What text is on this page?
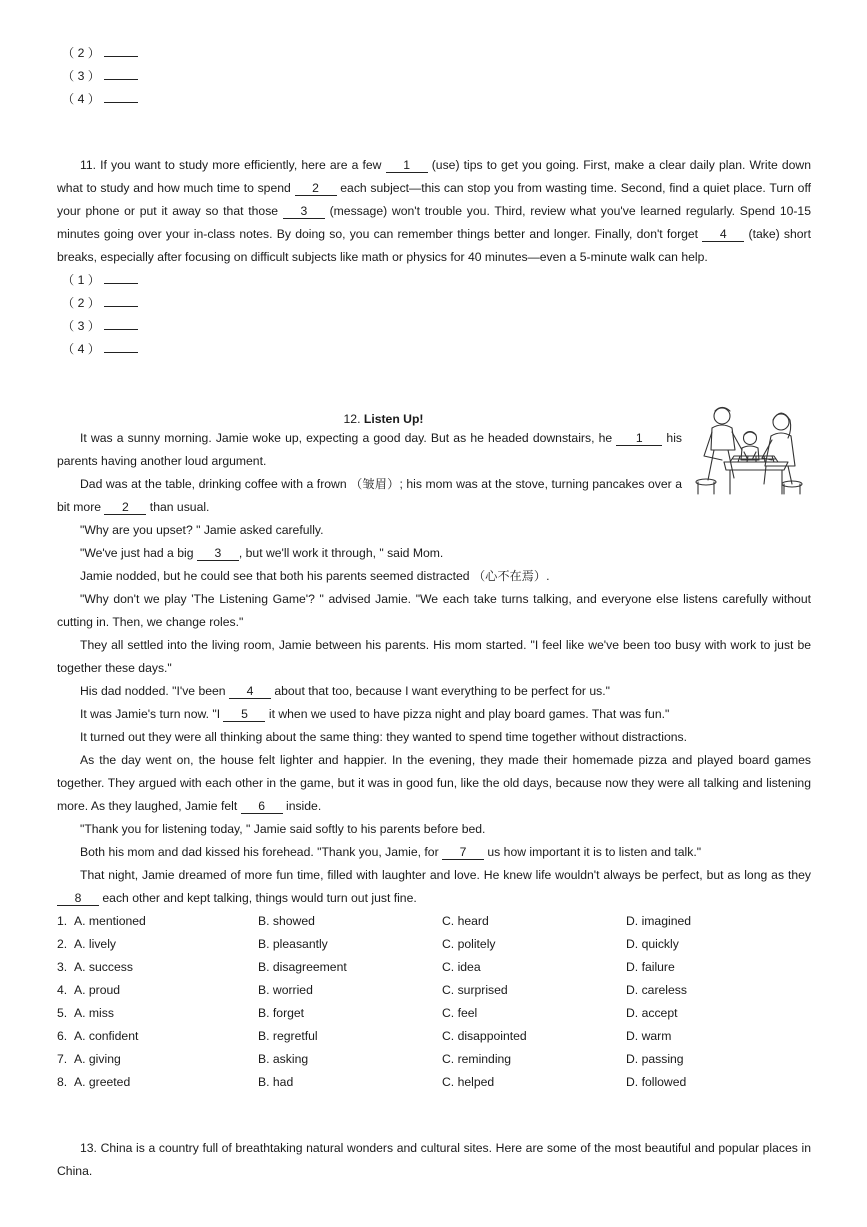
（ 2 ）
（ 3 ）
（ 4 ）
11. If you want to study more efficiently, here are a few 1 (use) tips to get you going. First, make a clear daily plan. Write down what to study and how much time to spend 2 each subject—this can stop you from wasting time. Second, find a quiet place. Turn off your phone or put it away so that those 3 (message) won't trouble you. Third, review what you've learned regularly. Spend 10-15 minutes going over your in-class notes. By doing so, you can remember things better and longer. Finally, don't forget 4 (take) short breaks, especially after focusing on difficult subjects like math or physics for 40 minutes—even a 5-minute walk can help.
（ 1 ）
（ 2 ）
（ 3 ）
（ 4 ）
12. Listen Up!
It was a sunny morning. Jamie woke up, expecting a good day. But as he headed downstairs, he 1 his parents having another loud argument.
Dad was at the table, drinking coffee with a frown （皱眉）; his mom was at the stove, turning pancakes over a bit more 2 than usual.
"Why are you upset? " Jamie asked carefully.
"We've just had a big 3 , but we'll work it through, " said Mom.
Jamie nodded, but he could see that both his parents seemed distracted （心不在焉）.
"Why don't we play 'The Listening Game'? " advised Jamie. "We each take turns talking, and everyone else listens carefully without cutting in. Then, we change roles."
They all settled into the living room, Jamie between his parents. His mom started. "I feel like we've been too busy with work to just be together these days."
His dad nodded. "I've been 4 about that too, because I want everything to be perfect for us."
It was Jamie's turn now. "I 5 it when we used to have pizza night and play board games. That was fun."
It turned out they were all thinking about the same thing: they wanted to spend time together without distractions.
As the day went on, the house felt lighter and happier. In the evening, they made their homemade pizza and played board games together. They argued with each other in the game, but it was in good fun, like the old days, because now they were all talking and listening more. As they laughed, Jamie felt 6 inside.
"Thank you for listening today, " Jamie said softly to his parents before bed.
Both his mom and dad kissed his forehead. "Thank you, Jamie, for 7 us how important it is to listen and talk."
That night, Jamie dreamed of more fun time, filled with laughter and love. He knew life wouldn't always be perfect, but as long as they 8 each other and kept talking, things would turn out just fine.
1. A. mentioned	B. showed	C. heard	D. imagined
2. A. lively	B. pleasantly	C. politely	D. quickly
3. A. success	B. disagreement	C. idea	D. failure
4. A. proud	B. worried	C. surprised	D. careless
5. A. miss	B. forget	C. feel	D. accept
6. A. confident	B. regretful	C. disappointed	D. warm
7. A. giving	B. asking	C. reminding	D. passing
8. A. greeted	B. had	C. helped	D. followed
13. China is a country full of breathtaking natural wonders and cultural sites. Here are some of the most beautiful and popular places in China.
